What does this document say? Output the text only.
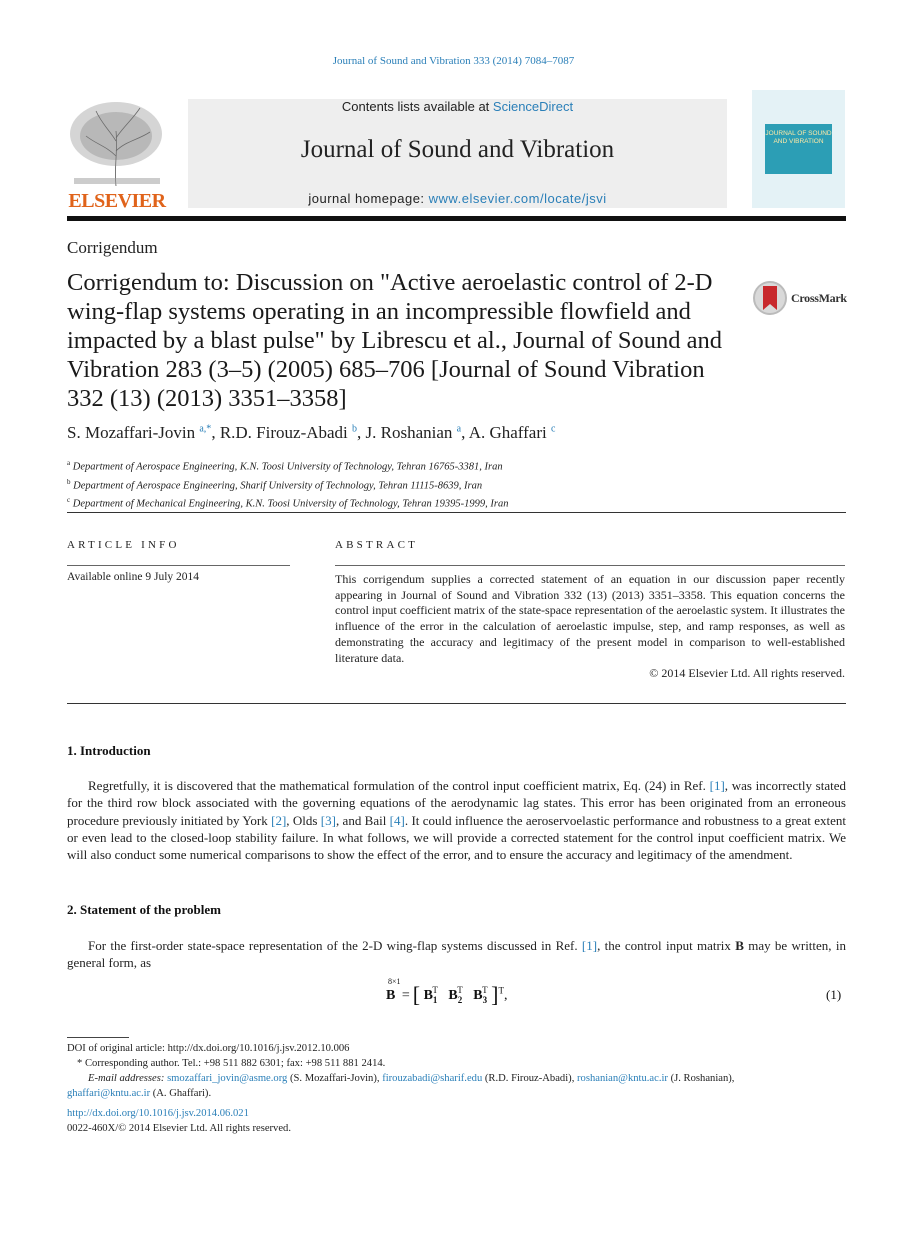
Journal of Sound and Vibration 333 (2014) 7084–7087
ELSEVIER
Contents lists available at ScienceDirect
Journal of Sound and Vibration
journal homepage: www.elsevier.com/locate/jsvi
JOURNAL OF SOUND AND VIBRATION
Corrigendum
Corrigendum to: Discussion on "Active aeroelastic control of 2-D wing-flap systems operating in an incompressible flowfield and impacted by a blast pulse" by Librescu et al., Journal of Sound and Vibration 283 (3–5) (2005) 685–706 [Journal of Sound Vibration 332 (13) (2013) 3351–3358]
CrossMark
S. Mozaffari-Jovin $^{a,*}$, R.D. Firouz-Abadi $^b$, J. Roshanian $^a$, A. Ghaffari $^c$
$^a$ Department of Aerospace Engineering, K.N. Toosi University of Technology, Tehran 16765-3381, Iran
$^b$ Department of Aerospace Engineering, Sharif University of Technology, Tehran 11115-8639, Iran
$^c$ Department of Mechanical Engineering, K.N. Toosi University of Technology, Tehran 19395-1999, Iran
ARTICLE INFO
Available online 9 July 2014
ABSTRACT
This corrigendum supplies a corrected statement of an equation in our discussion paper recently appearing in Journal of Sound and Vibration 332 (13) (2013) 3351–3358. This equation concerns the control input coefficient matrix of the state-space representation of the aeroelastic system. It illustrates the influence of the error in the calculation of aeroelastic impulse, step, and ramp responses, as well as demonstrating the accuracy and legitimacy of the present model in comparison to well-established literature data.
© 2014 Elsevier Ltd. All rights reserved.
1. Introduction

Regretfully, it is discovered that the mathematical formulation of the control input coefficient matrix, Eq. (24) in Ref. [1], was incorrectly stated for the third row block associated with the governing equations of the aerodynamic lag states. This error has been originated from an erroneous procedure previously initiated by York [2], Olds [3], and Bail [4]. It could influence the aeroservoelastic performance and robustness to a great extent or even lead to the closed-loop stability failure. In what follows, we will provide a corrected statement for the control input coefficient matrix. We will also conduct some numerical comparisons to show the effect of the error, and to ensure the accuracy and legitimacy of the amendment.

2. Statement of the problem

For the first-order state-space representation of the 2-D wing-flap systems discussed in Ref. [1], the control input matrix B may be written, in general form, as

8×1
B = [ $B_1^T$ $B_2^T$ $B_3^T$ ]$^T$,	(1)
DOI of original article: http://dx.doi.org/10.1016/j.jsv.2012.10.006
* Corresponding author. Tel.: +98 511 882 6301; fax: +98 511 881 2414.
E-mail addresses: smozaffari_jovin@asme.org (S. Mozaffari-Jovin), firouzabadi@sharif.edu (R.D. Firouz-Abadi), roshanian@kntu.ac.ir (J. Roshanian),
ghaffari@kntu.ac.ir (A. Ghaffari).
http://dx.doi.org/10.1016/j.jsv.2014.06.021
0022-460X/© 2014 Elsevier Ltd. All rights reserved.
